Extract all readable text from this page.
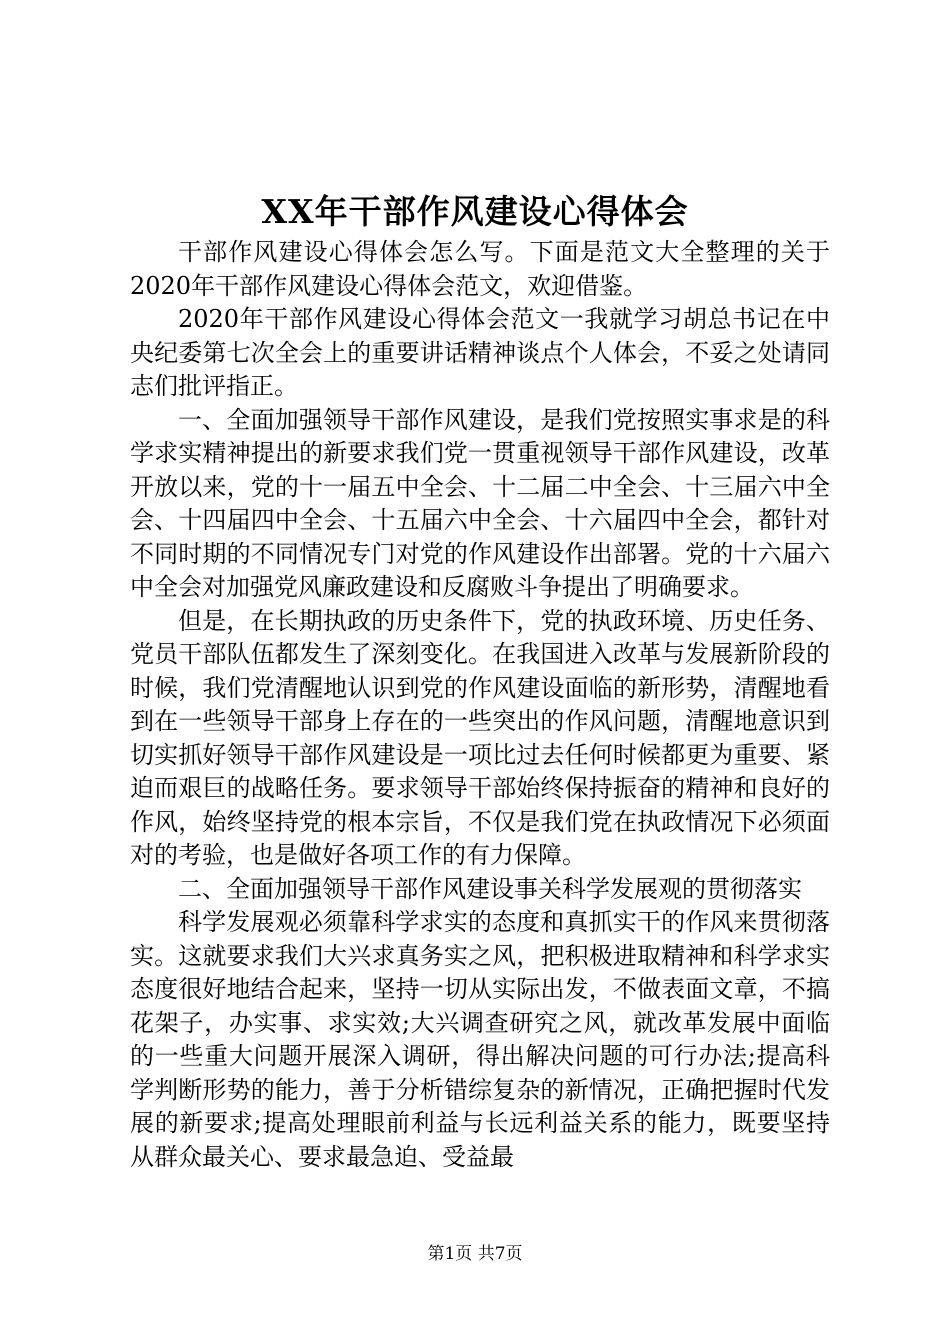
XX年干部作风建设心得体会

干部作风建设心得体会怎么写。下面是范文大全整理的关于2020年干部作风建设心得体会范文，欢迎借鉴。

2020年干部作风建设心得体会范文一我就学习胡总书记在中央纪委第七次全会上的重要讲话精神谈点个人体会，不妥之处请同志们批评指正。

一、全面加强领导干部作风建设，是我们党按照实事求是的科学求实精神提出的新要求我们党一贯重视领导干部作风建设，改革开放以来，党的十一届五中全会、十二届二中全会、十三届六中全会、十四届四中全会、十五届六中全会、十六届四中全会，都针对不同时期的不同情况专门对党的作风建设作出部署。党的十六届六中全会对加强党风廉政建设和反腐败斗争提出了明确要求。

但是，在长期执政的历史条件下，党的执政环境、历史任务、党员干部队伍都发生了深刻变化。在我国进入改革与发展新阶段的时候，我们党清醒地认识到党的作风建设面临的新形势，清醒地看到在一些领导干部身上存在的一些突出的作风问题，清醒地意识到切实抓好领导干部作风建设是一项比过去任何时候都更为重要、紧迫而艰巨的战略任务。要求领导干部始终保持振奋的精神和良好的作风，始终坚持党的根本宗旨，不仅是我们党在执政情况下必须面对的考验，也是做好各项工作的有力保障。

二、全面加强领导干部作风建设事关科学发展观的贯彻落实

科学发展观必须靠科学求实的态度和真抓实干的作风来贯彻落实。这就要求我们大兴求真务实之风，把积极进取精神和科学求实态度很好地结合起来，坚持一切从实际出发，不做表面文章，不搞花架子，办实事、求实效;大兴调查研究之风，就改革发展中面临的一些重大问题开展深入调研，得出解决问题的可行办法;提高科学判断形势的能力，善于分析错综复杂的新情况，正确把握时代发展的新要求;提高处理眼前利益与长远利益关系的能力，既要坚持从群众最关心、要求最急迫、受益最

第1页 共7页
